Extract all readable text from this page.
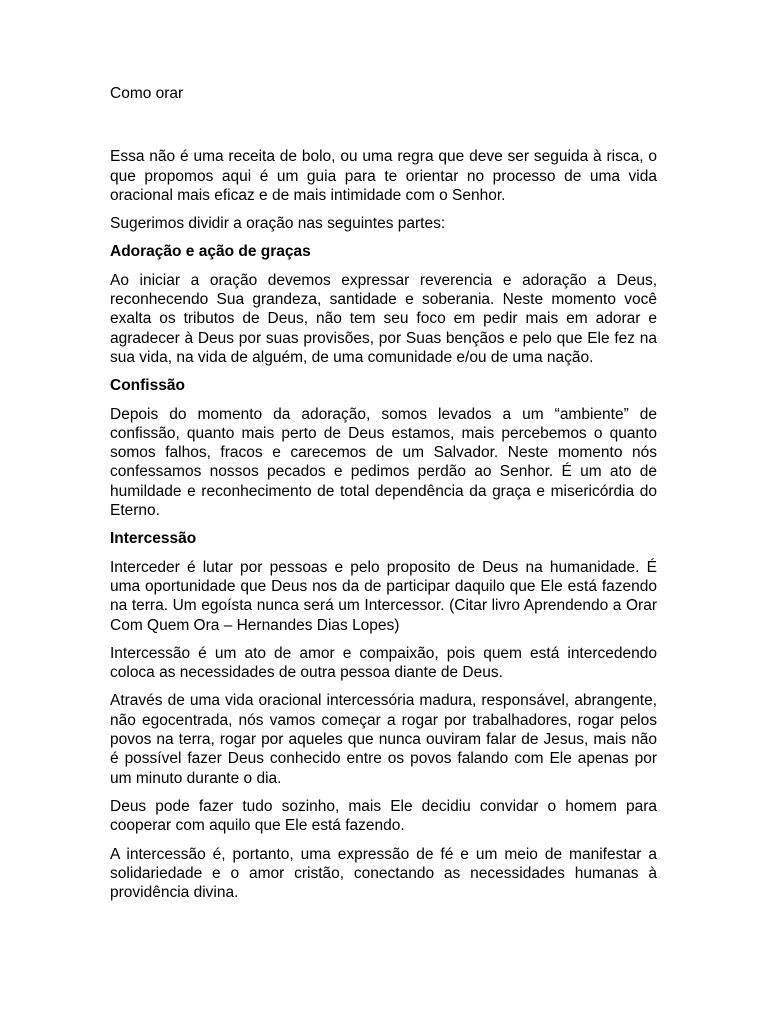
Como orar

Essa não é uma receita de bolo, ou uma regra que deve ser seguida à risca, o que propomos aqui é um guia para te orientar no processo de uma vida oracional mais eficaz e de mais intimidade com o Senhor.

Sugerimos dividir a oração nas seguintes partes:

Adoração e ação de graças

Ao iniciar a oração devemos expressar reverencia e adoração a Deus, reconhecendo Sua grandeza, santidade e soberania. Neste momento você exalta os tributos de Deus, não tem seu foco em pedir mais em adorar e agradecer à Deus por suas provisões, por Suas bençãos e pelo que Ele fez na sua vida, na vida de alguém, de uma comunidade e/ou de uma nação.

Confissão

Depois do momento da adoração, somos levados a um “ambiente” de confissão, quanto mais perto de Deus estamos, mais percebemos o quanto somos falhos, fracos e carecemos de um Salvador. Neste momento nós confessamos nossos pecados e pedimos perdão ao Senhor. É um ato de humildade e reconhecimento de total dependência da graça e misericórdia do Eterno.

Intercessão

Interceder é lutar por pessoas e pelo proposito de Deus na humanidade. É uma oportunidade que Deus nos da de participar daquilo que Ele está fazendo na terra. Um egoísta nunca será um Intercessor. (Citar livro Aprendendo a Orar Com Quem Ora – Hernandes Dias Lopes)

Intercessão é um ato de amor e compaixão, pois quem está intercedendo coloca as necessidades de outra pessoa diante de Deus.

Através de uma vida oracional intercessória madura, responsável, abrangente, não egocentrada, nós vamos começar a rogar por trabalhadores, rogar pelos povos na terra, rogar por aqueles que nunca ouviram falar de Jesus, mais não é possível fazer Deus conhecido entre os povos falando com Ele apenas por um minuto durante o dia.

Deus pode fazer tudo sozinho, mais Ele decidiu convidar o homem para cooperar com aquilo que Ele está fazendo.

A intercessão é, portanto, uma expressão de fé e um meio de manifestar a solidariedade e o amor cristão, conectando as necessidades humanas à providência divina.
